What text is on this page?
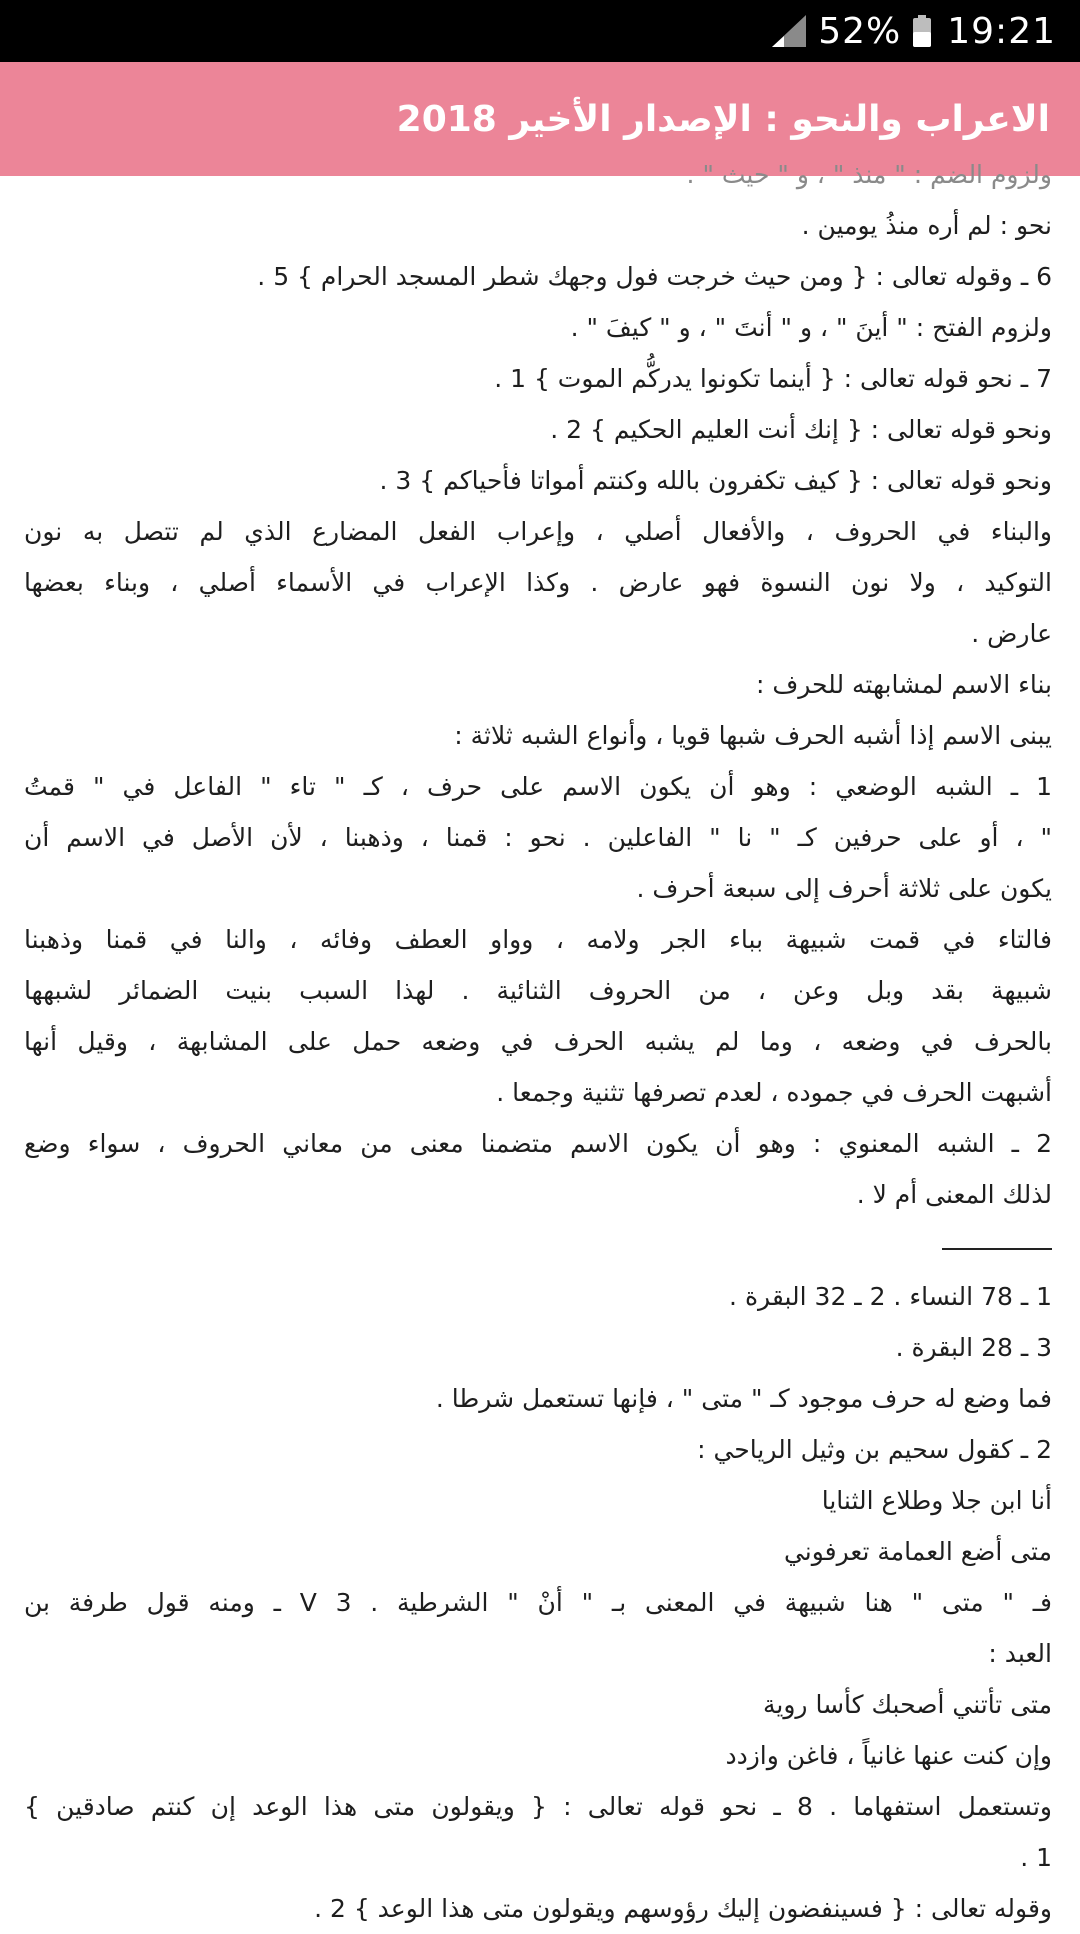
52% 19:21
الاعراب والنحو : الإصدار الأخير 2018
ولزوم الضم : " منذ " ، و " حيث " .
نحو : لم أره منذُ يومين .
6 ـ وقوله تعالى : { ومن حيث خرجت فول وجهك شطر المسجد الحرام } 5 .
ولزوم الفتح : " أينَ " ، و " أنتَ " ، و " كيفَ " .
7 ـ نحو قوله تعالى : { أينما تكونوا يدركُّم الموت } 1 .
ونحو قوله تعالى : { إنك أنت العليم الحكيم } 2 .
ونحو قوله تعالى : { كيف تكفرون بالله وكنتم أمواتا فأحياكم } 3 .
والبناء في الحروف ، والأفعال أصلي ، وإعراب الفعل المضارع الذي لم تتصل به نون
التوكيد ، ولا نون النسوة فهو عارض . وكذا الإعراب في الأسماء أصلي ، وبناء بعضها
عارض .
بناء الاسم لمشابهته للحرف :
يبنى الاسم إذا أشبه الحرف شبها قويا ، وأنواع الشبه ثلاثة :
1 ـ الشبه الوضعي : وهو أن يكون الاسم على حرف ، كـ " تاء " الفاعل في " قمتُ
" ، أو على حرفين كـ " نا " الفاعلين . نحو : قمنا ، وذهبنا ، لأن الأصل في الاسم أن
يكون على ثلاثة أحرف إلى سبعة أحرف .
فالتاء في قمت شبيهة بباء الجر ولامه ، وواو العطف وفائه ، والنا في قمنا وذهبنا
شبيهة بقد وبل وعن ، من الحروف الثنائية . لهذا السبب بنيت الضمائر لشبهها
بالحرف في وضعه ، وما لم يشبه الحرف في وضعه حمل على المشابهة ، وقيل أنها
أشبهت الحرف في جموده ، لعدم تصرفها تثنية وجمعا .
2 ـ الشبه المعنوي : وهو أن يكون الاسم متضمنا معنى من معاني الحروف ، سواء وضع
لذلك المعنى أم لا .
1 ـ 78 النساء . 2 ـ 32 البقرة .
3 ـ 28 البقرة .
فما وضع له حرف موجود كـ " متى " ، فإنها تستعمل شرطا .
2 ـ كقول سحيم بن وثيل الرياحي :
أنا ابن جلا وطلاع الثنايا
متى أضع العمامة تعرفوني
فـ " متى " هنا شبيهة في المعنى بـ " أنْ " الشرطية . 3 V ـ ومنه قول طرفة بن
العبد :
متى تأتني أصحبك كأسا روية
وإن كنت عنها غانياً ، فاغن وازدد
وتستعمل استفهاما . 8 ـ نحو قوله تعالى : { ويقولون متى هذا الوعد إن كنتم صادقين }
1 .
وقوله تعالى : { فسينفضون إليك رؤوسهم ويقولون متى هذا الوعد } 2 .
